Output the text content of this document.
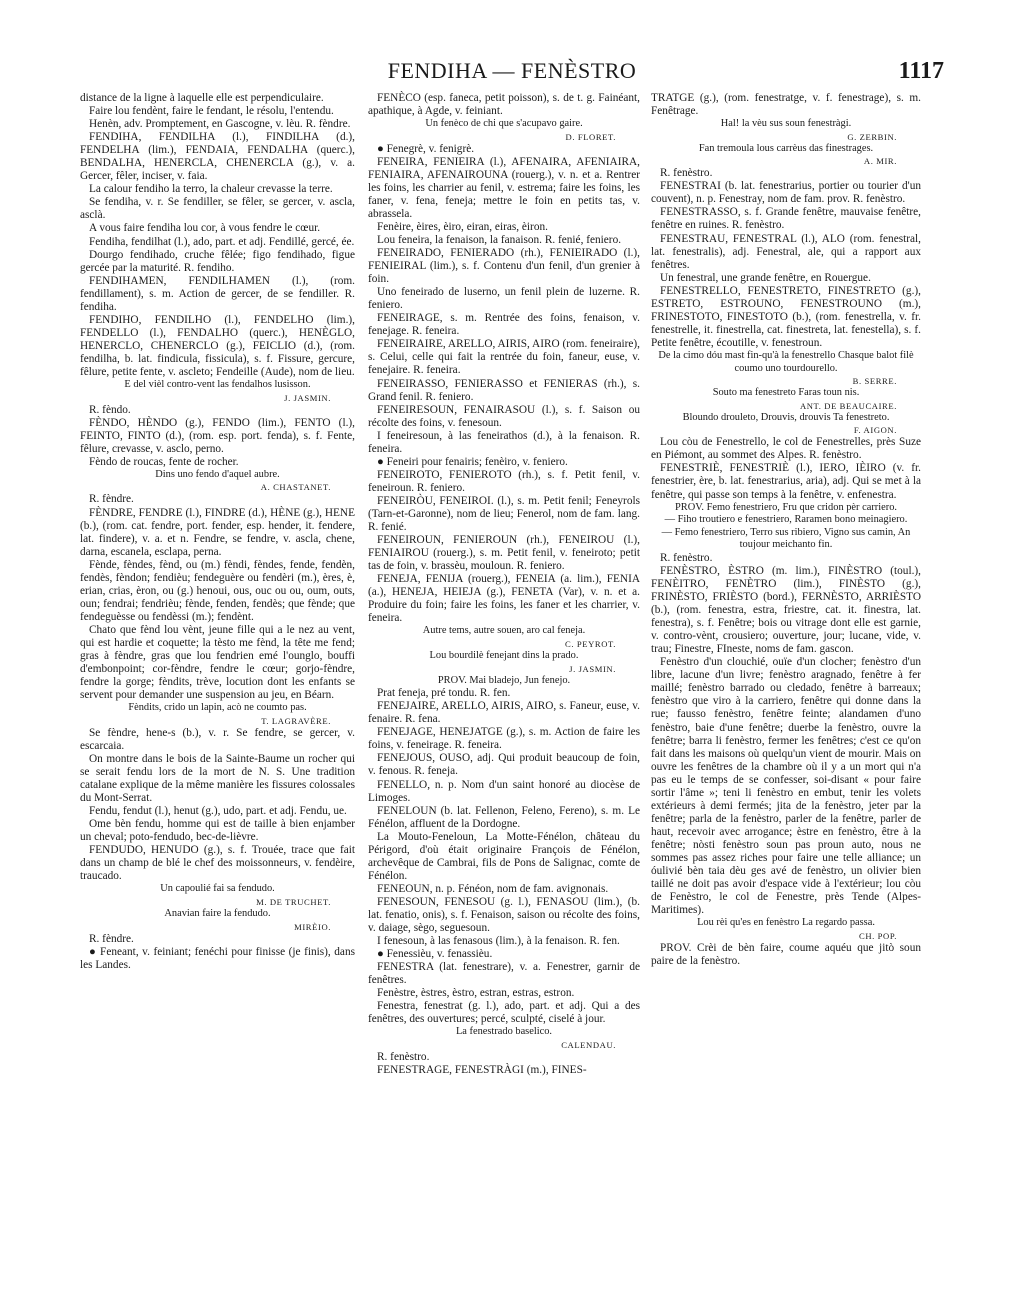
FENDIHA — FENÈSTRO	1117

distance de la ligne à laquelle elle est perpendiculaire.

Faire lou fendènt, faire le fendant, le résolu, l'entendu.

Henèn, adv. Promptement, en Gascogne, v. lèu. R. fèndre.

FENDIHA, FENDILHA (l.), FINDILHA (d.), FENDELHA (lim.), FENDAIA, FENDALHA (querc.), BENDALHA, HENERCLA, CHENERCLA (g.), v. a. Gercer, fêler, inciser, v. faia.

La calour fendiho la terro, la chaleur crevasse la terre.

Se fendiha, v. r. Se fendiller, se fêler, se gercer, v. ascla, asclà.

A vous faire fendiha lou cor, à vous fendre le cœur.

Fendiha, fendilhat (l.), ado, part. et adj. Fendillé, gercé, ée.

Dourgo fendihado, cruche fêlée; figo fendihado, figue gercée par la maturité. R. fendiho.

FENDIHAMEN, FENDILHAMEN (l.), (rom. fendillament), s. m. Action de gercer, de se fendiller. R. fendiha.

FENDIHO, FENDILHO (l.), FENDELHO (lim.), FENDELLO (l.), FENDALHO (querc.), HENÈGLO, HENERCLO, CHENERCLO (g.), FEICLIO (d.), (rom. fendilha, b. lat. findicula, fissicula), s. f. Fissure, gercure, fêlure, petite fente, v. ascleto; Fendeille (Aude), nom de lieu.

E del vièl contro-vent las fendalhos lusisson.

J. JASMIN.

R. fèndo.

FÈNDO, HÈNDO (g.), FENDO (lim.), FENTO (l.), FEINTO, FINTO (d.), (rom. esp. port. fenda), s. f. Fente, fêlure, crevasse, v. asclo, perno.

Fèndo de roucas, fente de rocher.

Dins uno fendo d'aquel aubre.

A. CHASTANET.

R. fèndre.

FÈNDRE, FENDRE (l.), FINDRE (d.), HÈNE (g.), HENE (b.), (rom. cat. fendre, port. fender, esp. hender, it. fendere, lat. findere), v. a. et n. Fendre, se fendre, v. ascla, chene, darna, escanela, esclapa, perna.

Fènde, fèndes, fènd, ou (m.) fèndi, fèndes, fende, fendèn, fendès, fèndon; fendièu; fendeguère ou fendèri (m.), ères, è, erian, crias, èron, ou (g.) henoui, ous, ouc ou ou, oum, outs, oun; fendrai; fendrièu; fènde, fenden, fendès; que fènde; que fendeguèsse ou fendèssi (m.); fendènt.

Chato que fènd lou vènt, jeune fille qui a le nez au vent, qui est hardie et coquette; la tèsto me fènd, la tête me fend; gras à fèndre, gras que lou fendrien emé l'ounglo, bouffi d'embonpoint; cor-fèndre, fendre le cœur; gorjo-fèndre, fendre la gorge; fèndits, trève, locution dont les enfants se servent pour demander une suspension au jeu, en Béarn.

Fèndits, crido un lapin, acò ne coumto pas.

T. LAGRAVÈRE.

Se fèndre, hene-s (b.), v. r. Se fendre, se gercer, v. escarcaia.

On montre dans le bois de la Sainte-Baume un rocher qui se serait fendu lors de la mort de N. S. Une tradition catalane explique de la même manière les fissures colossales du Mont-Serrat.

Fendu, fendut (l.), henut (g.), udo, part. et adj. Fendu, ue.

Ome bèn fendu, homme qui est de taille à bien enjamber un cheval; poto-fendudo, bec-de-lièvre.

FENDUDO, HENUDO (g.), s. f. Trouée, trace que fait dans un champ de blé le chef des moissonneurs, v. fendèire, traucado.

Un capoulié fai sa fendudo.

M. DE TRUCHET.

Anavian faire la fendudo.

MIRÈIO.

R. fèndre.

● Feneant, v. feiniant; fenéchi pour finisse (je finis), dans les Landes.

FENÈCO (esp. faneca, petit poisson), s. de t. g. Fainéant, apathique, à Agde, v. feiniant.

Un fenèco de chi que s'acupavo gaire.

D. FLORET.

● Fenegrè, v. fenigrè.

FENEIRA, FENIEIRA (l.), AFENAIRA, AFENIAIRA, FENIAIRA, AFENAIROUNA (rouerg.), v. n. et a. Rentrer les foins, les charrier au fenil, v. estrema; faire les foins, les faner, v. fena, feneja; mettre le foin en petits tas, v. abrassela.

Fenèire, èires, èiro, eiran, eiras, èiron.

Lou feneira, la fenaison, la fanaison. R. fenié, feniero.

FENEIRADO, FENIERADO (rh.), FENIEIRADO (l.), FENIEIRAL (lim.), s. f. Contenu d'un fenil, d'un grenier à foin.

Uno feneirado de luserno, un fenil plein de luzerne. R. feniero.

FENEIRAGE, s. m. Rentrée des foins, fenaison, v. fenejage. R. feneira.

FENEIRAIRE, ARELLO, AIRIS, AIRO (rom. feneiraire), s. Celui, celle qui fait la rentrée du foin, faneur, euse, v. fenejaire. R. feneira.

FENEIRASSO, FENIERASSO et FENIERAS (rh.), s. Grand fenil. R. feniero.

FENEIRESOUN, FENAIRASOU (l.), s. f. Saison ou récolte des foins, v. fenesoun.

I feneiresoun, à las feneirathos (d.), à la fenaison. R. feneira.

● Feneiri pour fenairis; fenèiro, v. feniero.

FENEIROTO, FENIEROTO (rh.), s. f. Petit fenil, v. feneiroun. R. feniero.

FENEIRÒU, FENEIROI. (l.), s. m. Petit fenil; Feneyrols (Tarn-et-Garonne), nom de lieu; Fenerol, nom de fam. lang. R. fenié.

FENEIROUN, FENIEROUN (rh.), FENEIROU (l.), FENIAIROU (rouerg.), s. m. Petit fenil, v. feneiroto; petit tas de foin, v. brassèu, mouloun. R. feniero.

FENEJA, FENIJA (rouerg.), FENEIA (a. lim.), FENIA (a.), HENEJA, HEIEJA (g.), FENETA (Var), v. n. et a. Produire du foin; faire les foins, les faner et les charrier, v. feneira.

Autre tems, autre souen, aro cal feneja.

C. PEYROT.

Lou bourdilè fenejant dins la prado.

J. JASMIN.

PROV. Mai bladejo, Jun fenejo.

Prat feneja, pré tondu. R. fen.

FENEJAIRE, ARELLO, AIRIS, AIRO, s. Faneur, euse, v. fenaire. R. fena.

FENEJAGE, HENEJATGE (g.), s. m. Action de faire les foins, v. feneirage. R. feneira.

FENEJOUS, OUSO, adj. Qui produit beaucoup de foin, v. fenous. R. feneja.

FENELLO, n. p. Nom d'un saint honoré au diocèse de Limoges.

FENELOUN (b. lat. Fellenon, Feleno, Fereno), s. m. Le Fénélon, affluent de la Dordogne.

La Mouto-Feneloun, La Motte-Fénélon, château du Périgord, d'où était originaire François de Fénélon, archevêque de Cambrai, fils de Pons de Salignac, comte de Fénélon.

FENEOUN, n. p. Fénéon, nom de fam. avignonais.

FENESOUN, FENESOU (g. l.), FENASOU (lim.), (b. lat. fenatio, onis), s. f. Fenaison, saison ou récolte des foins, v. daiage, sègo, seguesoun.

I fenesoun, à las fenasous (lim.), à la fenaison. R. fen.

● Fenessièu, v. fenassièu.

FENESTRA (lat. fenestrare), v. a. Fenestrer, garnir de fenêtres.

Fenèstre, èstres, èstro, estran, estras, estron.

Fenestra, fenestrat (g. l.), ado, part. et adj. Qui a des fenêtres, des ouvertures; percé, sculpté, ciselé à jour.

La fenestrado baselico.

CALENDAU.

R. fenèstro.

FENESTRAGE, FENESTRÀGI (m.), FINES-

TRATGE (g.), (rom. fenestratge, v. f. fenestrage), s. m. Fenêtrage.

Hal! la vèu sus soun fenestràgi.

G. ZERBIN.

Fan tremoula lous carrèus das finestrages.

A. MIR.

R. fenèstro.

FENESTRAI (b. lat. fenestrarius, portier ou tourier d'un couvent), n. p. Fenestray, nom de fam. prov. R. fenèstro.

FENESTRASSO, s. f. Grande fenêtre, mauvaise fenêtre, fenêtre en ruines. R. fenèstro.

FENESTRAU, FENESTRAL (l.), ALO (rom. fenestral, lat. fenestralis), adj. Fenestral, ale, qui a rapport aux fenêtres.

Un fenestral, une grande fenêtre, en Rouergue.

FENESTRELLO, FENESTRETO, FINESTRETO (g.), ESTRETO, ESTROUNO, FENESTROUNO (m.), FRINESTOTO, FINESTOTO (b.), (rom. fenestrella, v. fr. fenestrelle, it. finestrella, cat. finestreta, lat. fenestella), s. f. Petite fenêtre, écoutille, v. fenestroun.

De la cimo dóu mast fin-qu'à la fenestrello Chasque balot filè coumo uno tourdourello.

B. SERRE.

Souto ma fenestreto Faras toun nis.

ANT. DE BEAUCAIRE.

Bloundo drouleto, Drouvis, drouvis Ta fenestreto.

F. AIGON.

Lou còu de Fenestrello, le col de Fenestrelles, près Suze en Piémont, au sommet des Alpes. R. fenèstro.

FENESTRIÈ, FENESTRIÈ (l.), IERO, IÈIRO (v. fr. fenestrier, ère, b. lat. fenestrarius, aria), adj. Qui se met à la fenêtre, qui passe son temps à la fenêtre, v. enfenestra.

PROV. Femo fenestriero, Fru que cridon pèr carriero.

— Fiho troutiero e fenestriero, Raramen bono meinagiero.

— Femo fenestriero, Terro sus ribiero, Vigno sus camin, An toujour meichanto fin.

R. fenèstro.

FENÈSTRO, ÈSTRO (m. lim.), FINÈSTRO (toul.), FENÈITRO, FENÈTRO (lim.), FINÈSTO (g.), FRINÈSTO, FRIÈSTO (bord.), FERNÈSTO, ARRIÈSTO (b.), (rom. fenestra, estra, friestre, cat. it. finestra, lat. fenestra), s. f. Fenêtre; bois ou vitrage dont elle est garnie, v. contro-vènt, crousiero; ouverture, jour; lucane, vide, v. trau; Finestre, FIneste, noms de fam. gascon.

Fenèstro d'un clouchié, ouïe d'un clocher; fenèstro d'un libre, lacune d'un livre; fenèstro aragnado, fenêtre à fer maillé; fenèstro barrado ou cledado, fenêtre à barreaux; fenèstro que viro à la carriero, fenêtre qui donne dans la rue; fausso fenèstro, fenêtre feinte; alandamen d'uno fenèstro, baie d'une fenêtre; duerbe la fenèstro, ouvre la fenêtre; barra li fenèstro, fermer les fenêtres; c'est ce qu'on fait dans les maisons où quelqu'un vient de mourir. Mais on ouvre les fenêtres de la chambre où il y a un mort qui n'a pas eu le temps de se confesser, soi-disant « pour faire sortir l'âme »; teni li fenèstro en embut, tenir les volets extérieurs à demi fermés; jita de la fenèstro, jeter par la fenêtre; parla de la fenèstro, parler de la fenêtre, parler de haut, recevoir avec arrogance; èstre en fenèstro, être à la fenêtre; nòsti fenèstro soun pas proun auto, nous ne sommes pas assez riches pour faire une telle alliance; un óulivié bèn taia dèu ges avé de fenèstro, un olivier bien taillé ne doit pas avoir d'espace vide à l'extérieur; lou còu de Fenèstro, le col de Fenestre, près Tende (Alpes-Maritimes).

Lou rèi qu'es en fenèstro La regardo passa.

CH. POP.

PROV. Crèi de bèn faire, coume aquéu que jitò soun paire de la fenèstro.
